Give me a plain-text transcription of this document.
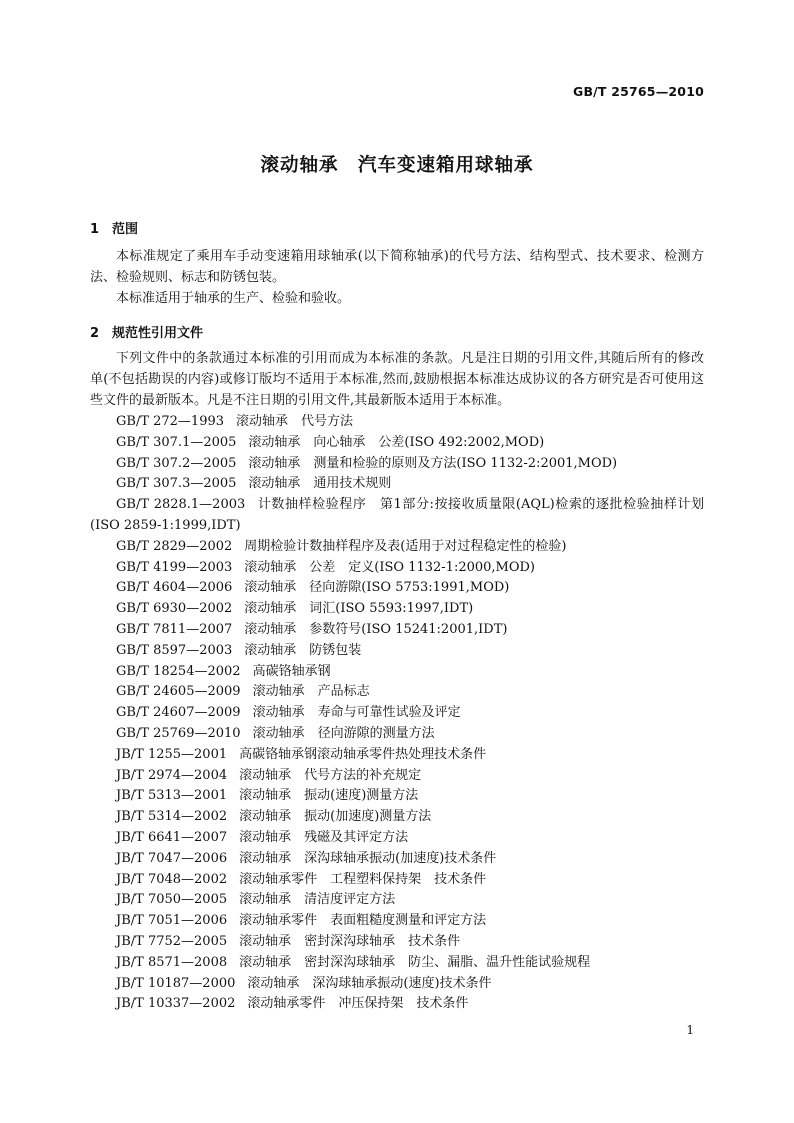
GB/T 25765—2010
滚动轴承　汽车变速箱用球轴承
1　范围

本标准规定了乘用车手动变速箱用球轴承(以下简称轴承)的代号方法、结构型式、技术要求、检测方法、检验规则、标志和防锈包装。

本标准适用于轴承的生产、检验和验收。

2　规范性引用文件

下列文件中的条款通过本标准的引用而成为本标准的条款。凡是注日期的引用文件,其随后所有的修改单(不包括勘误的内容)或修订版均不适用于本标准,然而,鼓励根据本标准达成协议的各方研究是否可使用这些文件的最新版本。凡是不注日期的引用文件,其最新版本适用于本标准。

GB/T 272—1993 滚动轴承　代号方法
GB/T 307.1—2005 滚动轴承　向心轴承　公差(ISO 492:2002,MOD)
GB/T 307.2—2005 滚动轴承　测量和检验的原则及方法(ISO 1132-2:2001,MOD)
GB/T 307.3—2005 滚动轴承　通用技术规则
GB/T 2828.1—2003 计数抽样检验程序　第1部分:按接收质量限(AQL)检索的逐批检验抽样计划(ISO 2859-1:1999,IDT)
GB/T 2829—2002 周期检验计数抽样程序及表(适用于对过程稳定性的检验)
GB/T 4199—2003 滚动轴承　公差　定义(ISO 1132-1:2000,MOD)
GB/T 4604—2006 滚动轴承　径向游隙(ISO 5753:1991,MOD)
GB/T 6930—2002 滚动轴承　词汇(ISO 5593:1997,IDT)
GB/T 7811—2007 滚动轴承　参数符号(ISO 15241:2001,IDT)
GB/T 8597—2003 滚动轴承　防锈包装
GB/T 18254—2002 高碳铬轴承钢
GB/T 24605—2009 滚动轴承　产品标志
GB/T 24607—2009 滚动轴承　寿命与可靠性试验及评定
GB/T 25769—2010 滚动轴承　径向游隙的测量方法
JB/T 1255—2001 高碳铬轴承钢滚动轴承零件热处理技术条件
JB/T 2974—2004 滚动轴承　代号方法的补充规定
JB/T 5313—2001 滚动轴承　振动(速度)测量方法
JB/T 5314—2002 滚动轴承　振动(加速度)测量方法
JB/T 6641—2007 滚动轴承　残磁及其评定方法
JB/T 7047—2006 滚动轴承　深沟球轴承振动(加速度)技术条件
JB/T 7048—2002 滚动轴承零件　工程塑料保持架　技术条件
JB/T 7050—2005 滚动轴承　清洁度评定方法
JB/T 7051—2006 滚动轴承零件　表面粗糙度测量和评定方法
JB/T 7752—2005 滚动轴承　密封深沟球轴承　技术条件
JB/T 8571—2008 滚动轴承　密封深沟球轴承　防尘、漏脂、温升性能试验规程
JB/T 10187—2000 滚动轴承　深沟球轴承振动(速度)技术条件
JB/T 10337—2002 滚动轴承零件　冲压保持架　技术条件
1
